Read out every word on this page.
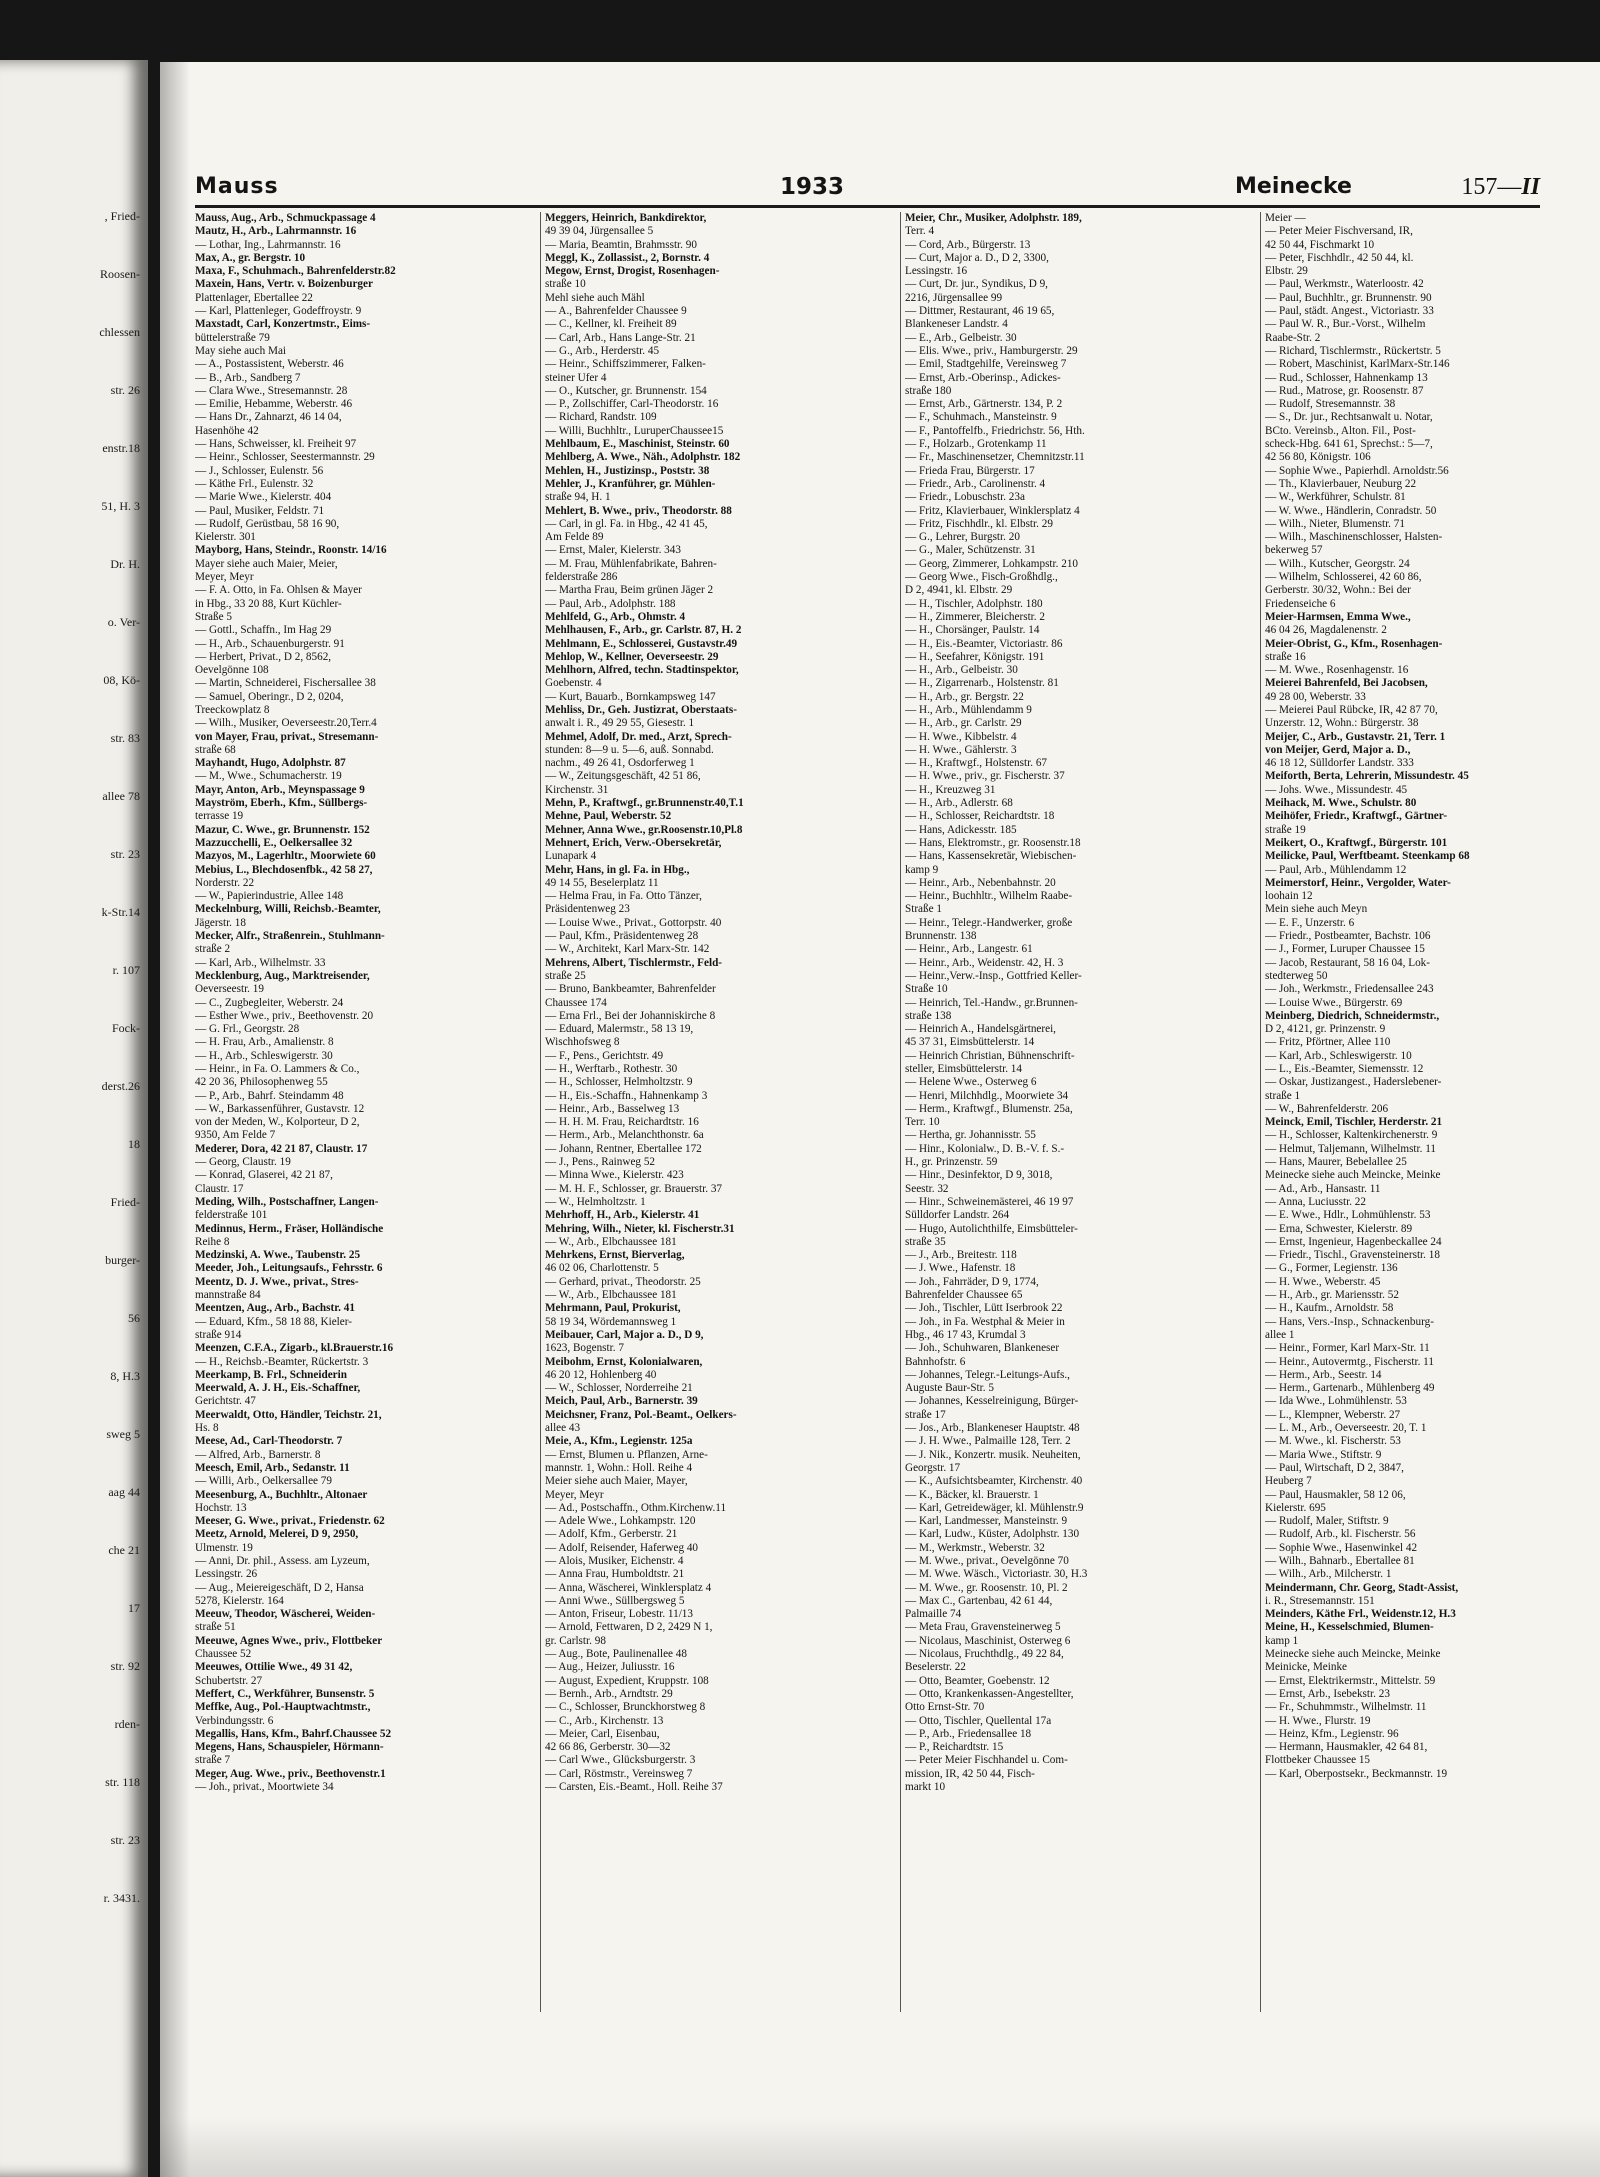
, Fried-
Roosen-
chlessen
str. 26
enstr.18
51, H. 3
Dr. H.
o. Ver-
08, Kö-
str. 83
allee 78
str. 23
k-Str.14
r. 107
Fock-
derst.26
18
Fried-
burger-
56
8, H.3
sweg 5
aag 44
che 21
17
str. 92
rden-
str. 118
str. 23
r. 3431.
Mauss	1933	Meinecke	157—II
Mauss, Aug., Arb., Schmuckpassage 4
Mautz, H., Arb., Lahrmannstr. 16
— Lothar, Ing., Lahrmannstr. 16
Max, A., gr. Bergstr. 10
Maxa, F., Schuhmach., Bahrenfelderstr.82
Maxein, Hans, Vertr. v. Boizenburger
Plattenlager, Ebertallee 22
— Karl, Plattenleger, Godeffroystr. 9
Maxstadt, Carl, Konzertmstr., Eims-
büttelerstraße 79
May siehe auch Mai
— A., Postassistent, Weberstr. 46
— B., Arb., Sandberg 7
— Clara Wwe., Stresemannstr. 28
— Emilie, Hebamme, Weberstr. 46
— Hans Dr., Zahnarzt, 46 14 04,
Hasenhöhe 42
— Hans, Schweisser, kl. Freiheit 97
— Heinr., Schlosser, Seestermannstr. 29
— J., Schlosser, Eulenstr. 56
— Käthe Frl., Eulenstr. 32
— Marie Wwe., Kielerstr. 404
— Paul, Musiker, Feldstr. 71
— Rudolf, Gerüstbau, 58 16 90,
Kielerstr. 301
Mayborg, Hans, Steindr., Roonstr. 14/16
Mayer siehe auch Maier, Meier,
Meyer, Meyr
— F. A. Otto, in Fa. Ohlsen & Mayer
in Hbg., 33 20 88, Kurt Küchler-
Straße 5
— Gottl., Schaffn., Im Hag 29
— H., Arb., Schauenburgerstr. 91
— Herbert, Privat., D 2, 8562,
Oevelgönne 108
— Martin, Schneiderei, Fischersallee 38
— Samuel, Oberingr., D 2, 0204,
Treeckowplatz 8
— Wilh., Musiker, Oeverseestr.20,Terr.4
von Mayer, Frau, privat., Stresemann-
straße 68
Mayhandt, Hugo, Adolphstr. 87
— M., Wwe., Schumacherstr. 19
Mayr, Anton, Arb., Meynspassage 9
Mayström, Eberh., Kfm., Süllbergs-
terrasse 19
Mazur, C. Wwe., gr. Brunnenstr. 152
Mazzucchelli, E., Oelkersallee 32
Mazyos, M., Lagerhltr., Moorwiete 60
Mebius, L., Blechdosenfbk., 42 58 27,
Norderstr. 22
— W., Papierindustrie, Allee 148
Meckelnburg, Willi, Reichsb.-Beamter,
Jägerstr. 18
Mecker, Alfr., Straßenrein., Stuhlmann-
straße 2
— Karl, Arb., Wilhelmstr. 33
Mecklenburg, Aug., Marktreisender,
Oeverseestr. 19
— C., Zugbegleiter, Weberstr. 24
— Esther Wwe., priv., Beethovenstr. 20
— G. Frl., Georgstr. 28
— H. Frau, Arb., Amalienstr. 8
— H., Arb., Schleswigerstr. 30
— Heinr., in Fa. O. Lammers & Co.,
42 20 36, Philosophenweg 55
— P., Arb., Bahrf. Steindamm 48
— W., Barkassenführer, Gustavstr. 12
von der Meden, W., Kolporteur, D 2,
9350, Am Felde 7
Mederer, Dora, 42 21 87, Claustr. 17
— Georg, Claustr. 19
— Konrad, Glaserei, 42 21 87,
Claustr. 17
Meding, Wilh., Postschaffner, Langen-
felderstraße 101
Medinnus, Herm., Fräser, Holländische
Reihe 8
Medzinski, A. Wwe., Taubenstr. 25
Meeder, Joh., Leitungsaufs., Fehrsstr. 6
Meentz, D. J. Wwe., privat., Stres-
mannstraße 84
Meentzen, Aug., Arb., Bachstr. 41
— Eduard, Kfm., 58 18 88, Kieler-
straße 914
Meenzen, C.F.A., Zigarb., kl.Brauerstr.16
— H., Reichsb.-Beamter, Rückertstr. 3
Meerkamp, B. Frl., Schneiderin
Meerwald, A. J. H., Eis.-Schaffner,
Gerichtstr. 47
Meerwaldt, Otto, Händler, Teichstr. 21,
Hs. 8
Meese, Ad., Carl-Theodorstr. 7
— Alfred, Arb., Barnerstr. 8
Meesch, Emil, Arb., Sedanstr. 11
— Willi, Arb., Oelkersallee 79
Meesenburg, A., Buchhltr., Altonaer
Hochstr. 13
Meeser, G. Wwe., privat., Friedenstr. 62
Meetz, Arnold, Melerei, D 9, 2950,
Ulmenstr. 19
— Anni, Dr. phil., Assess. am Lyzeum,
Lessingstr. 26
— Aug., Meiereigeschäft, D 2, Hansa
5278, Kielerstr. 164
Meeuw, Theodor, Wäscherei, Weiden-
straße 51
Meeuwe, Agnes Wwe., priv., Flottbeker
Chaussee 52
Meeuwes, Ottilie Wwe., 49 31 42,
Schubertstr. 27
Meffert, C., Werkführer, Bunsenstr. 5
Meffke, Aug., Pol.-Hauptwachtmstr.,
Verbindungsstr. 6
Megallis, Hans, Kfm., Bahrf.Chaussee 52
Megens, Hans, Schauspieler, Hörmann-
straße 7
Meger, Aug. Wwe., priv., Beethovenstr.1
— Joh., privat., Moortwiete 34
Meggers, Heinrich, Bankdirektor,
49 39 04, Jürgensallee 5
— Maria, Beamtin, Brahmsstr. 90
Meggl, K., Zollassist., 2, Bornstr. 4
Megow, Ernst, Drogist, Rosenhagen-
straße 10
Mehl siehe auch Mähl
— A., Bahrenfelder Chaussee 9
— C., Kellner, kl. Freiheit 89
— Carl, Arb., Hans Lange-Str. 21
— G., Arb., Herderstr. 45
— Heinr., Schiffszimmerer, Falken-
steiner Ufer 4
— O., Kutscher, gr. Brunnenstr. 154
— P., Zollschiffer, Carl-Theodorstr. 16
— Richard, Randstr. 109
— Willi, Buchhltr., LuruperChaussee15
Mehlbaum, E., Maschinist, Steinstr. 60
Mehlberg, A. Wwe., Näh., Adolphstr. 182
Mehlen, H., Justizinsp., Poststr. 38
Mehler, J., Kranführer, gr. Mühlen-
straße 94, H. 1
Mehlert, B. Wwe., priv., Theodorstr. 88
— Carl, in gl. Fa. in Hbg., 42 41 45,
Am Felde 89
— Ernst, Maler, Kielerstr. 343
— M. Frau, Mühlenfabrikate, Bahren-
felderstraße 286
— Martha Frau, Beim grünen Jäger 2
— Paul, Arb., Adolphstr. 188
Mehlfeld, G., Arb., Ohmstr. 4
Mehlhausen, F., Arb., gr. Carlstr. 87, H. 2
Mehlmann, E., Schlosserei, Gustavstr.49
Mehlop, W., Kellner, Oeverseestr. 29
Mehlhorn, Alfred, techn. Stadtinspektor,
Goebenstr. 4
— Kurt, Bauarb., Bornkampsweg 147
Mehliss, Dr., Geh. Justizrat, Oberstaats-
anwalt i. R., 49 29 55, Giesestr. 1
Mehmel, Adolf, Dr. med., Arzt, Sprech-
stunden: 8—9 u. 5—6, auß. Sonnabd.
nachm., 49 26 41, Osdorferweg 1
— W., Zeitungsgeschäft, 42 51 86,
Kirchenstr. 31
Mehn, P., Kraftwgf., gr.Brunnenstr.40,T.1
Mehne, Paul, Weberstr. 52
Mehner, Anna Wwe., gr.Roosenstr.10,Pl.8
Mehnert, Erich, Verw.-Obersekretär,
Lunapark 4
Mehr, Hans, in gl. Fa. in Hbg.,
49 14 55, Beselerplatz 11
— Helma Frau, in Fa. Otto Tänzer,
Präsidentenweg 23
— Louise Wwe., Privat., Gottorpstr. 40
— Paul, Kfm., Präsidentenweg 28
— W., Architekt, Karl Marx-Str. 142
Mehrens, Albert, Tischlermstr., Feld-
straße 25
— Bruno, Bankbeamter, Bahrenfelder
Chaussee 174
— Erna Frl., Bei der Johanniskirche 8
— Eduard, Malermstr., 58 13 19,
Wischhofsweg 8
— F., Pens., Gerichtstr. 49
— H., Werftarb., Rothestr. 30
— H., Schlosser, Helmholtzstr. 9
— H., Eis.-Schaffn., Hahnenkamp 3
— Heinr., Arb., Basselweg 13
— H. H. M. Frau, Reichardtstr. 16
— Herm., Arb., Melanchthonstr. 6a
— Johann, Rentner, Ebertallee 172
— J., Pens., Rainweg 52
— Minna Wwe., Kielerstr. 423
— M. H. F., Schlosser, gr. Brauerstr. 37
— W., Helmholtzstr. 1
Mehrhoff, H., Arb., Kielerstr. 41
Mehring, Wilh., Nieter, kl. Fischerstr.31
— W., Arb., Elbchaussee 181
Mehrkens, Ernst, Bierverlag,
46 02 06, Charlottenstr. 5
— Gerhard, privat., Theodorstr. 25
— W., Arb., Elbchaussee 181
Mehrmann, Paul, Prokurist,
58 19 34, Wördemannsweg 1
Meibauer, Carl, Major a. D., D 9,
1623, Bogenstr. 7
Meibohm, Ernst, Kolonialwaren,
46 20 12, Hohlenberg 40
— W., Schlosser, Norderreihe 21
Meich, Paul, Arb., Barnerstr. 39
Meichsner, Franz, Pol.-Beamt., Oelkers-
allee 43
Meie, A., Kfm., Legienstr. 125a
— Ernst, Blumen u. Pflanzen, Arne-
mannstr. 1, Wohn.: Holl. Reihe 4
Meier siehe auch Maier, Mayer,
Meyer, Meyr
— Ad., Postschaffn., Othm.Kirchenw.11
— Adele Wwe., Lohkampstr. 120
— Adolf, Kfm., Gerberstr. 21
— Adolf, Reisender, Haferweg 40
— Alois, Musiker, Eichenstr. 4
— Anna Frau, Humboldtstr. 21
— Anna, Wäscherei, Winklersplatz 4
— Anni Wwe., Süllbergsweg 5
— Anton, Friseur, Lobestr. 11/13
— Arnold, Fettwaren, D 2, 2429 N 1,
gr. Carlstr. 98
— Aug., Bote, Paulinenallee 48
— Aug., Heizer, Juliusstr. 16
— August, Expedient, Kruppstr. 108
— Bernh., Arb., Arndtstr. 29
— C., Schlosser, Brunckhorstweg 8
— C., Arb., Kirchenstr. 13
— Meier, Carl, Eisenbau,
42 66 86, Gerberstr. 30—32
— Carl Wwe., Glücksburgerstr. 3
— Carl, Röstmstr., Vereinsweg 7
— Carsten, Eis.-Beamt., Holl. Reihe 37
Meier, Chr., Musiker, Adolphstr. 189,
Terr. 4
— Cord, Arb., Bürgerstr. 13
— Curt, Major a. D., D 2, 3300,
Lessingstr. 16
— Curt, Dr. jur., Syndikus, D 9,
2216, Jürgensallee 99
— Dittmer, Restaurant, 46 19 65,
Blankeneser Landstr. 4
— E., Arb., Gelbeistr. 30
— Elis. Wwe., priv., Hamburgerstr. 29
— Emil, Stadtgehilfe, Vereinsweg 7
— Ernst, Arb.-Oberinsp., Adickes-
straße 180
— Ernst, Arb., Gärtnerstr. 134, P. 2
— F., Schuhmach., Mansteinstr. 9
— F., Pantoffelfb., Friedrichstr. 56, Hth.
— F., Holzarb., Grotenkamp 11
— Fr., Maschinensetzer, Chemnitzstr.11
— Frieda Frau, Bürgerstr. 17
— Friedr., Arb., Carolinenstr. 4
— Friedr., Lobuschstr. 23a
— Fritz, Klavierbauer, Winklersplatz 4
— Fritz, Fischhdlr., kl. Elbstr. 29
— G., Lehrer, Burgstr. 20
— G., Maler, Schützenstr. 31
— Georg, Zimmerer, Lohkampstr. 210
— Georg Wwe., Fisch-Großhdlg.,
D 2, 4941, kl. Elbstr. 29
— H., Tischler, Adolphstr. 180
— H., Zimmerer, Bleicherstr. 2
— H., Chorsänger, Paulstr. 14
— H., Eis.-Beamter, Victoriastr. 86
— H., Seefahrer, Königstr. 191
— H., Arb., Gelbeistr. 30
— H., Zigarrenarb., Holstenstr. 81
— H., Arb., gr. Bergstr. 22
— H., Arb., Mühlendamm 9
— H., Arb., gr. Carlstr. 29
— H. Wwe., Kibbelstr. 4
— H. Wwe., Gählerstr. 3
— H., Kraftwgf., Holstenstr. 67
— H. Wwe., priv., gr. Fischerstr. 37
— H., Kreuzweg 31
— H., Arb., Adlerstr. 68
— H., Schlosser, Reichardtstr. 18
— Hans, Adickesstr. 185
— Hans, Elektromstr., gr. Roosenstr.18
— Hans, Kassensekretär, Wiebischen-
kamp 9
— Heinr., Arb., Nebenbahnstr. 20
— Heinr., Buchhltr., Wilhelm Raabe-
Straße 1
— Heinr., Telegr.-Handwerker, große
Brunnenstr. 138
— Heinr., Arb., Langestr. 61
— Heinr., Arb., Weidenstr. 42, H. 3
— Heinr.,Verw.-Insp., Gottfried Keller-
Straße 10
— Heinrich, Tel.-Handw., gr.Brunnen-
straße 138
— Heinrich A., Handelsgärtnerei,
45 37 31, Eimsbüttelerstr. 14
— Heinrich Christian, Bühnenschrift-
steller, Eimsbüttelerstr. 14
— Helene Wwe., Osterweg 6
— Henri, Milchhdlg., Moorwiete 34
— Herm., Kraftwgf., Blumenstr. 25a,
Terr. 10
— Hertha, gr. Johannisstr. 55
— Hinr., Kolonialw., D. B.-V. f. S.-
H., gr. Prinzenstr. 59
— Hinr., Desinfektor, D 9, 3018,
Seestr. 32
— Hinr., Schweinemästerei, 46 19 97
Sülldorfer Landstr. 264
— Hugo, Autolichthilfe, Eimsbütteler-
straße 35
— J., Arb., Breitestr. 118
— J. Wwe., Hafenstr. 18
— Joh., Fahrräder, D 9, 1774,
Bahrenfelder Chaussee 65
— Joh., Tischler, Lütt Iserbrook 22
— Joh., in Fa. Westphal & Meier in
Hbg., 46 17 43, Krumdal 3
— Joh., Schuhwaren, Blankeneser
Bahnhofstr. 6
— Johannes, Telegr.-Leitungs-Aufs.,
Auguste Baur-Str. 5
— Johannes, Kesselreinigung, Bürger-
straße 17
— Jos., Arb., Blankeneser Hauptstr. 48
— J. H. Wwe., Palmaille 128, Terr. 2
— J. Nik., Konzertr. musik. Neuheiten,
Georgstr. 17
— K., Aufsichtsbeamter, Kirchenstr. 40
— K., Bäcker, kl. Brauerstr. 1
— Karl, Getreidewäger, kl. Mühlenstr.9
— Karl, Landmesser, Mansteinstr. 9
— Karl, Ludw., Küster, Adolphstr. 130
— M., Werkmstr., Weberstr. 32
— M. Wwe., privat., Oevelgönne 70
— M. Wwe. Wäsch., Victoriastr. 30, H.3
— M. Wwe., gr. Roosenstr. 10, Pl. 2
— Max C., Gartenbau, 42 61 44,
Palmaille 74
— Meta Frau, Gravensteinerweg 5
— Nicolaus, Maschinist, Osterweg 6
— Nicolaus, Fruchthdlg., 49 22 84,
Beselerstr. 22
— Otto, Beamter, Goebenstr. 12
— Otto, Krankenkassen-Angestellter,
Otto Ernst-Str. 70
— Otto, Tischler, Quellental 17a
— P., Arb., Friedensallee 18
— P., Reichardtstr. 15
— Peter Meier Fischhandel u. Com-
mission, IR, 42 50 44, Fisch-
markt 10
Meier —
— Peter Meier Fischversand, IR,
42 50 44, Fischmarkt 10
— Peter, Fischhdlr., 42 50 44, kl.
Elbstr. 29
— Paul, Werkmstr., Waterloostr. 42
— Paul, Buchhltr., gr. Brunnenstr. 90
— Paul, städt. Angest., Victoriastr. 33
— Paul W. R., Bur.-Vorst., Wilhelm
Raabe-Str. 2
— Richard, Tischlermstr., Rückertstr. 5
— Robert, Maschinist, KarlMarx-Str.146
— Rud., Schlosser, Hahnenkamp 13
— Rud., Matrose, gr. Roosenstr. 87
— Rudolf, Stresemannstr. 38
— S., Dr. jur., Rechtsanwalt u. Notar,
BCto. Vereinsb., Alton. Fil., Post-
scheck-Hbg. 641 61, Sprechst.: 5—7,
42 56 80, Königstr. 106
— Sophie Wwe., Papierhdl. Arnoldstr.56
— Th., Klavierbauer, Neuburg 22
— W., Werkführer, Schulstr. 81
— W. Wwe., Händlerin, Conradstr. 50
— Wilh., Nieter, Blumenstr. 71
— Wilh., Maschinenschlosser, Halsten-
bekerweg 57
— Wilh., Kutscher, Georgstr. 24
— Wilhelm, Schlosserei, 42 60 86,
Gerberstr. 30/32, Wohn.: Bei der
Friedenseiche 6
Meier-Harmsen, Emma Wwe.,
46 04 26, Magdalenenstr. 2
Meier-Obrist, G., Kfm., Rosenhagen-
straße 16
— M. Wwe., Rosenhagenstr. 16
Meierei Bahrenfeld, Bei Jacobsen,
49 28 00, Weberstr. 33
— Meierei Paul Rübcke, IR, 42 87 70,
Unzerstr. 12, Wohn.: Bürgerstr. 38
Meijer, C., Arb., Gustavstr. 21, Terr. 1
von Meijer, Gerd, Major a. D.,
46 18 12, Sülldorfer Landstr. 333
Meiforth, Berta, Lehrerin, Missundestr. 45
— Johs. Wwe., Missundestr. 45
Meihack, M. Wwe., Schulstr. 80
Meihöfer, Friedr., Kraftwgf., Gärtner-
straße 19
Meikert, O., Kraftwgf., Bürgerstr. 101
Meilicke, Paul, Werftbeamt. Steenkamp 68
— Paul, Arb., Mühlendamm 12
Meimerstorf, Heinr., Vergolder, Water-
loohain 12
Mein siehe auch Meyn
— E. F., Unzerstr. 6
— Friedr., Postbeamter, Bachstr. 106
— J., Former, Luruper Chaussee 15
— Jacob, Restaurant, 58 16 04, Lok-
stedterweg 50
— Joh., Werkmstr., Friedensallee 243
— Louise Wwe., Bürgerstr. 69
Meinberg, Diedrich, Schneidermstr.,
D 2, 4121, gr. Prinzenstr. 9
— Fritz, Pförtner, Allee 110
— Karl, Arb., Schleswigerstr. 10
— L., Eis.-Beamter, Siemensstr. 12
— Oskar, Justizangest., Haderslebener-
straße 1
— W., Bahrenfelderstr. 206
Meinck, Emil, Tischler, Herderstr. 21
— H., Schlosser, Kaltenkirchenerstr. 9
— Helmut, Taljemann, Wilhelmstr. 11
— Hans, Maurer, Bebelallee 25
Meinecke siehe auch Meincke, Meinke
— Ad., Arb., Hansastr. 11
— Anna, Luciusstr. 22
— E. Wwe., Hdlr., Lohmühlenstr. 53
— Erna, Schwester, Kielerstr. 89
— Ernst, Ingenieur, Hagenbeckallee 24
— Friedr., Tischl., Gravensteinerstr. 18
— G., Former, Legienstr. 136
— H. Wwe., Weberstr. 45
— H., Arb., gr. Mariensstr. 52
— H., Kaufm., Arnoldstr. 58
— Hans, Vers.-Insp., Schnackenburg-
allee 1
— Heinr., Former, Karl Marx-Str. 11
— Heinr., Autovermtg., Fischerstr. 11
— Herm., Arb., Seestr. 14
— Herm., Gartenarb., Mühlenberg 49
— Ida Wwe., Lohmühlenstr. 53
— L., Klempner, Weberstr. 27
— L. M., Arb., Oeverseestr. 20, T. 1
— M. Wwe., kl. Fischerstr. 53
— Maria Wwe., Stiftstr. 9
— Paul, Wirtschaft, D 2, 3847,
Heuberg 7
— Paul, Hausmakler, 58 12 06,
Kielerstr. 695
— Rudolf, Maler, Stiftstr. 9
— Rudolf, Arb., kl. Fischerstr. 56
— Sophie Wwe., Hasenwinkel 42
— Wilh., Bahnarb., Ebertallee 81
— Wilh., Arb., Milcherstr. 1
Meindermann, Chr. Georg, Stadt-Assist,
i. R., Stresemannstr. 151
Meinders, Käthe Frl., Weidenstr.12, H.3
Meine, H., Kesselschmied, Blumen-
kamp 1
Meinecke siehe auch Meincke, Meinke
Meinicke, Meinke
— Ernst, Elektrikermstr., Mittelstr. 59
— Ernst, Arb., Isebekstr. 23
— Fr., Schuhmmstr., Wilhelmstr. 11
— H. Wwe., Flurstr. 19
— Heinz, Kfm., Legienstr. 96
— Hermann, Hausmakler, 42 64 81,
Flottbeker Chaussee 15
— Karl, Oberpostsekr., Beckmannstr. 19
